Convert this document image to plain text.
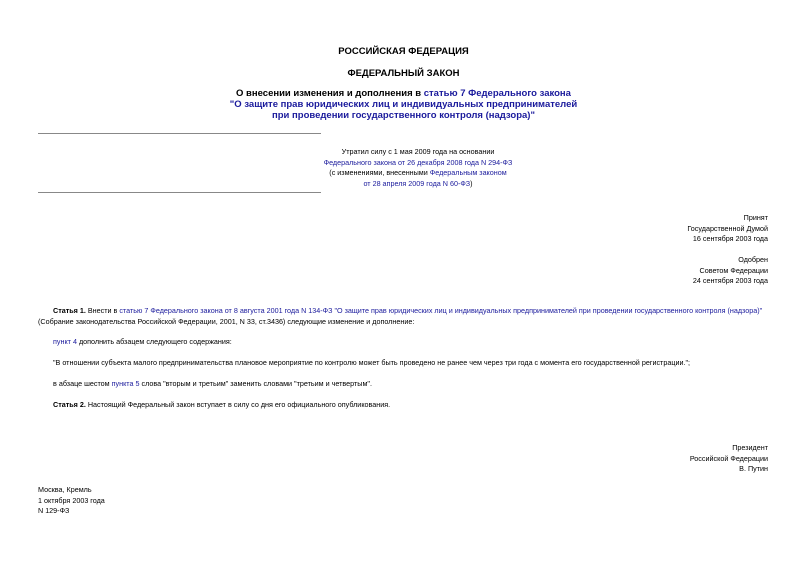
РОССИЙСКАЯ ФЕДЕРАЦИЯ
ФЕДЕРАЛЬНЫЙ ЗАКОН
О внесении изменения и дополнения в статью 7 Федерального закона
"О защите прав юридических лиц и индивидуальных предпринимателей
при проведении государственного контроля (надзора)"
Утратил силу с 1 мая 2009 года на основании
Федерального закона от 26 декабря 2008 года N 294-ФЗ
(с изменениями, внесенными Федеральным законом
от 28 апреля 2009 года N 60-ФЗ)
Принят
Государственной Думой
16 сентября 2003 года
Одобрен
Советом Федерации
24 сентября 2003 года
Статья 1. Внести в статью 7 Федерального закона от 8 августа 2001 года N 134-ФЗ "О защите прав юридических лиц и индивидуальных предпринимателей при проведении государственного контроля (надзора)"
(Собрание законодательства Российской Федерации, 2001, N 33, ст.3436) следующие изменение и дополнение:
пункт 4 дополнить абзацем следующего содержания:
"В отношении субъекта малого предпринимательства плановое мероприятие по контролю может быть проведено не ранее чем через три года с момента его государственной регистрации.";
в абзаце шестом пункта 5 слова "вторым и третьим" заменить словами "третьим и четвертым".
Статья 2. Настоящий Федеральный закон вступает в силу со дня его официального опубликования.
Президент
Российской Федерации
В. Путин
Москва, Кремль
1 октября 2003 года
N 129-ФЗ
